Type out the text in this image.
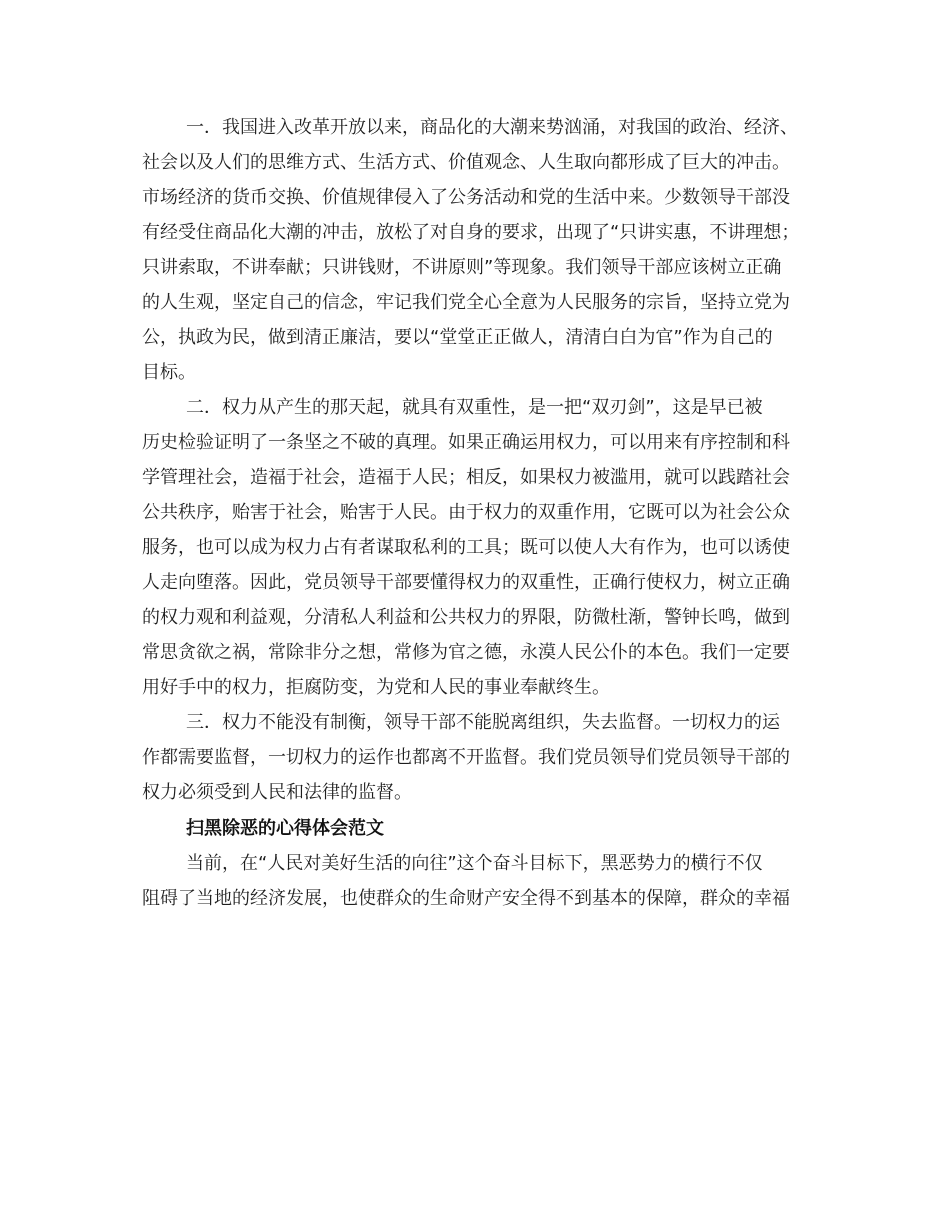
一．我国进入改革开放以来，商品化的大潮来势汹涌，对我国的政治、经济、
社会以及人们的思维方式、生活方式、价值观念、人生取向都形成了巨大的冲击。
市场经济的货币交换、价值规律侵入了公务活动和党的生活中来。少数领导干部没
有经受住商品化大潮的冲击，放松了对自身的要求，出现了“只讲实惠，不讲理想；
只讲索取，不讲奉献；只讲钱财，不讲原则”等现象。我们领导干部应该树立正确
的人生观，坚定自己的信念，牢记我们党全心全意为人民服务的宗旨，坚持立党为
公，执政为民，做到清正廉洁，要以“堂堂正正做人，清清白白为官”作为自己的
目标。
二．权力从产生的那天起，就具有双重性，是一把“双刃剑”，这是早已被
历史检验证明了一条坚之不破的真理。如果正确运用权力，可以用来有序控制和科
学管理社会，造福于社会，造福于人民；相反，如果权力被滥用，就可以践踏社会
公共秩序，贻害于社会，贻害于人民。由于权力的双重作用，它既可以为社会公众
服务，也可以成为权力占有者谋取私利的工具；既可以使人大有作为，也可以诱使
人走向堕落。因此，党员领导干部要懂得权力的双重性，正确行使权力，树立正确
的权力观和利益观，分清私人利益和公共权力的界限，防微杜渐，警钟长鸣，做到
常思贪欲之祸，常除非分之想，常修为官之德，永漠人民公仆的本色。我们一定要
用好手中的权力，拒腐防变，为党和人民的事业奉献终生。
三．权力不能没有制衡，领导干部不能脱离组织，失去监督。一切权力的运
作都需要监督，一切权力的运作也都离不开监督。我们党员领导们党员领导干部的
权力必须受到人民和法律的监督。
扫黑除恶的心得体会范文
当前，在“人民对美好生活的向往”这个奋斗目标下，黑恶势力的横行不仅
阻碍了当地的经济发展，也使群众的生命财产安全得不到基本的保障，群众的幸福
